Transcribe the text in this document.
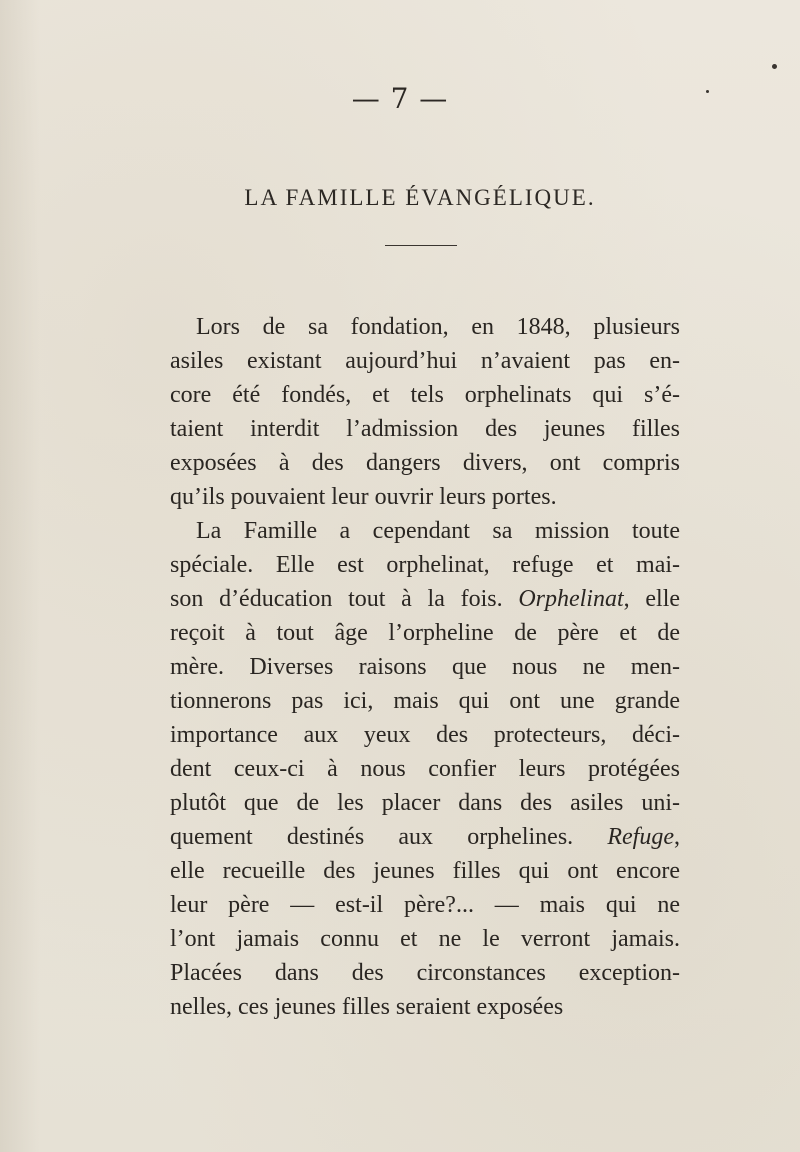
— 7 —
LA FAMILLE ÉVANGÉLIQUE.
Lors de sa fondation, en 1848, plusieurs
asiles existant aujourd’hui n’avaient pas en-
core été fondés, et tels orphelinats qui s’é-
taient interdit l’admission des jeunes filles
exposées à des dangers divers, ont compris
qu’ils pouvaient leur ouvrir leurs portes.
La Famille a cependant sa mission toute
spéciale. Elle est orphelinat, refuge et mai-
son d’éducation tout à la fois. Orphelinat, elle
reçoit à tout âge l’orpheline de père et de
mère. Diverses raisons que nous ne men-
tionnerons pas ici, mais qui ont une grande
importance aux yeux des protecteurs, déci-
dent ceux-ci à nous confier leurs protégées
plutôt que de les placer dans des asiles uni-
quement destinés aux orphelines. Refuge,
elle recueille des jeunes filles qui ont encore
leur père — est-il père?... — mais qui ne
l’ont jamais connu et ne le verront jamais.
Placées dans des circonstances exception-
nelles, ces jeunes filles seraient exposées
